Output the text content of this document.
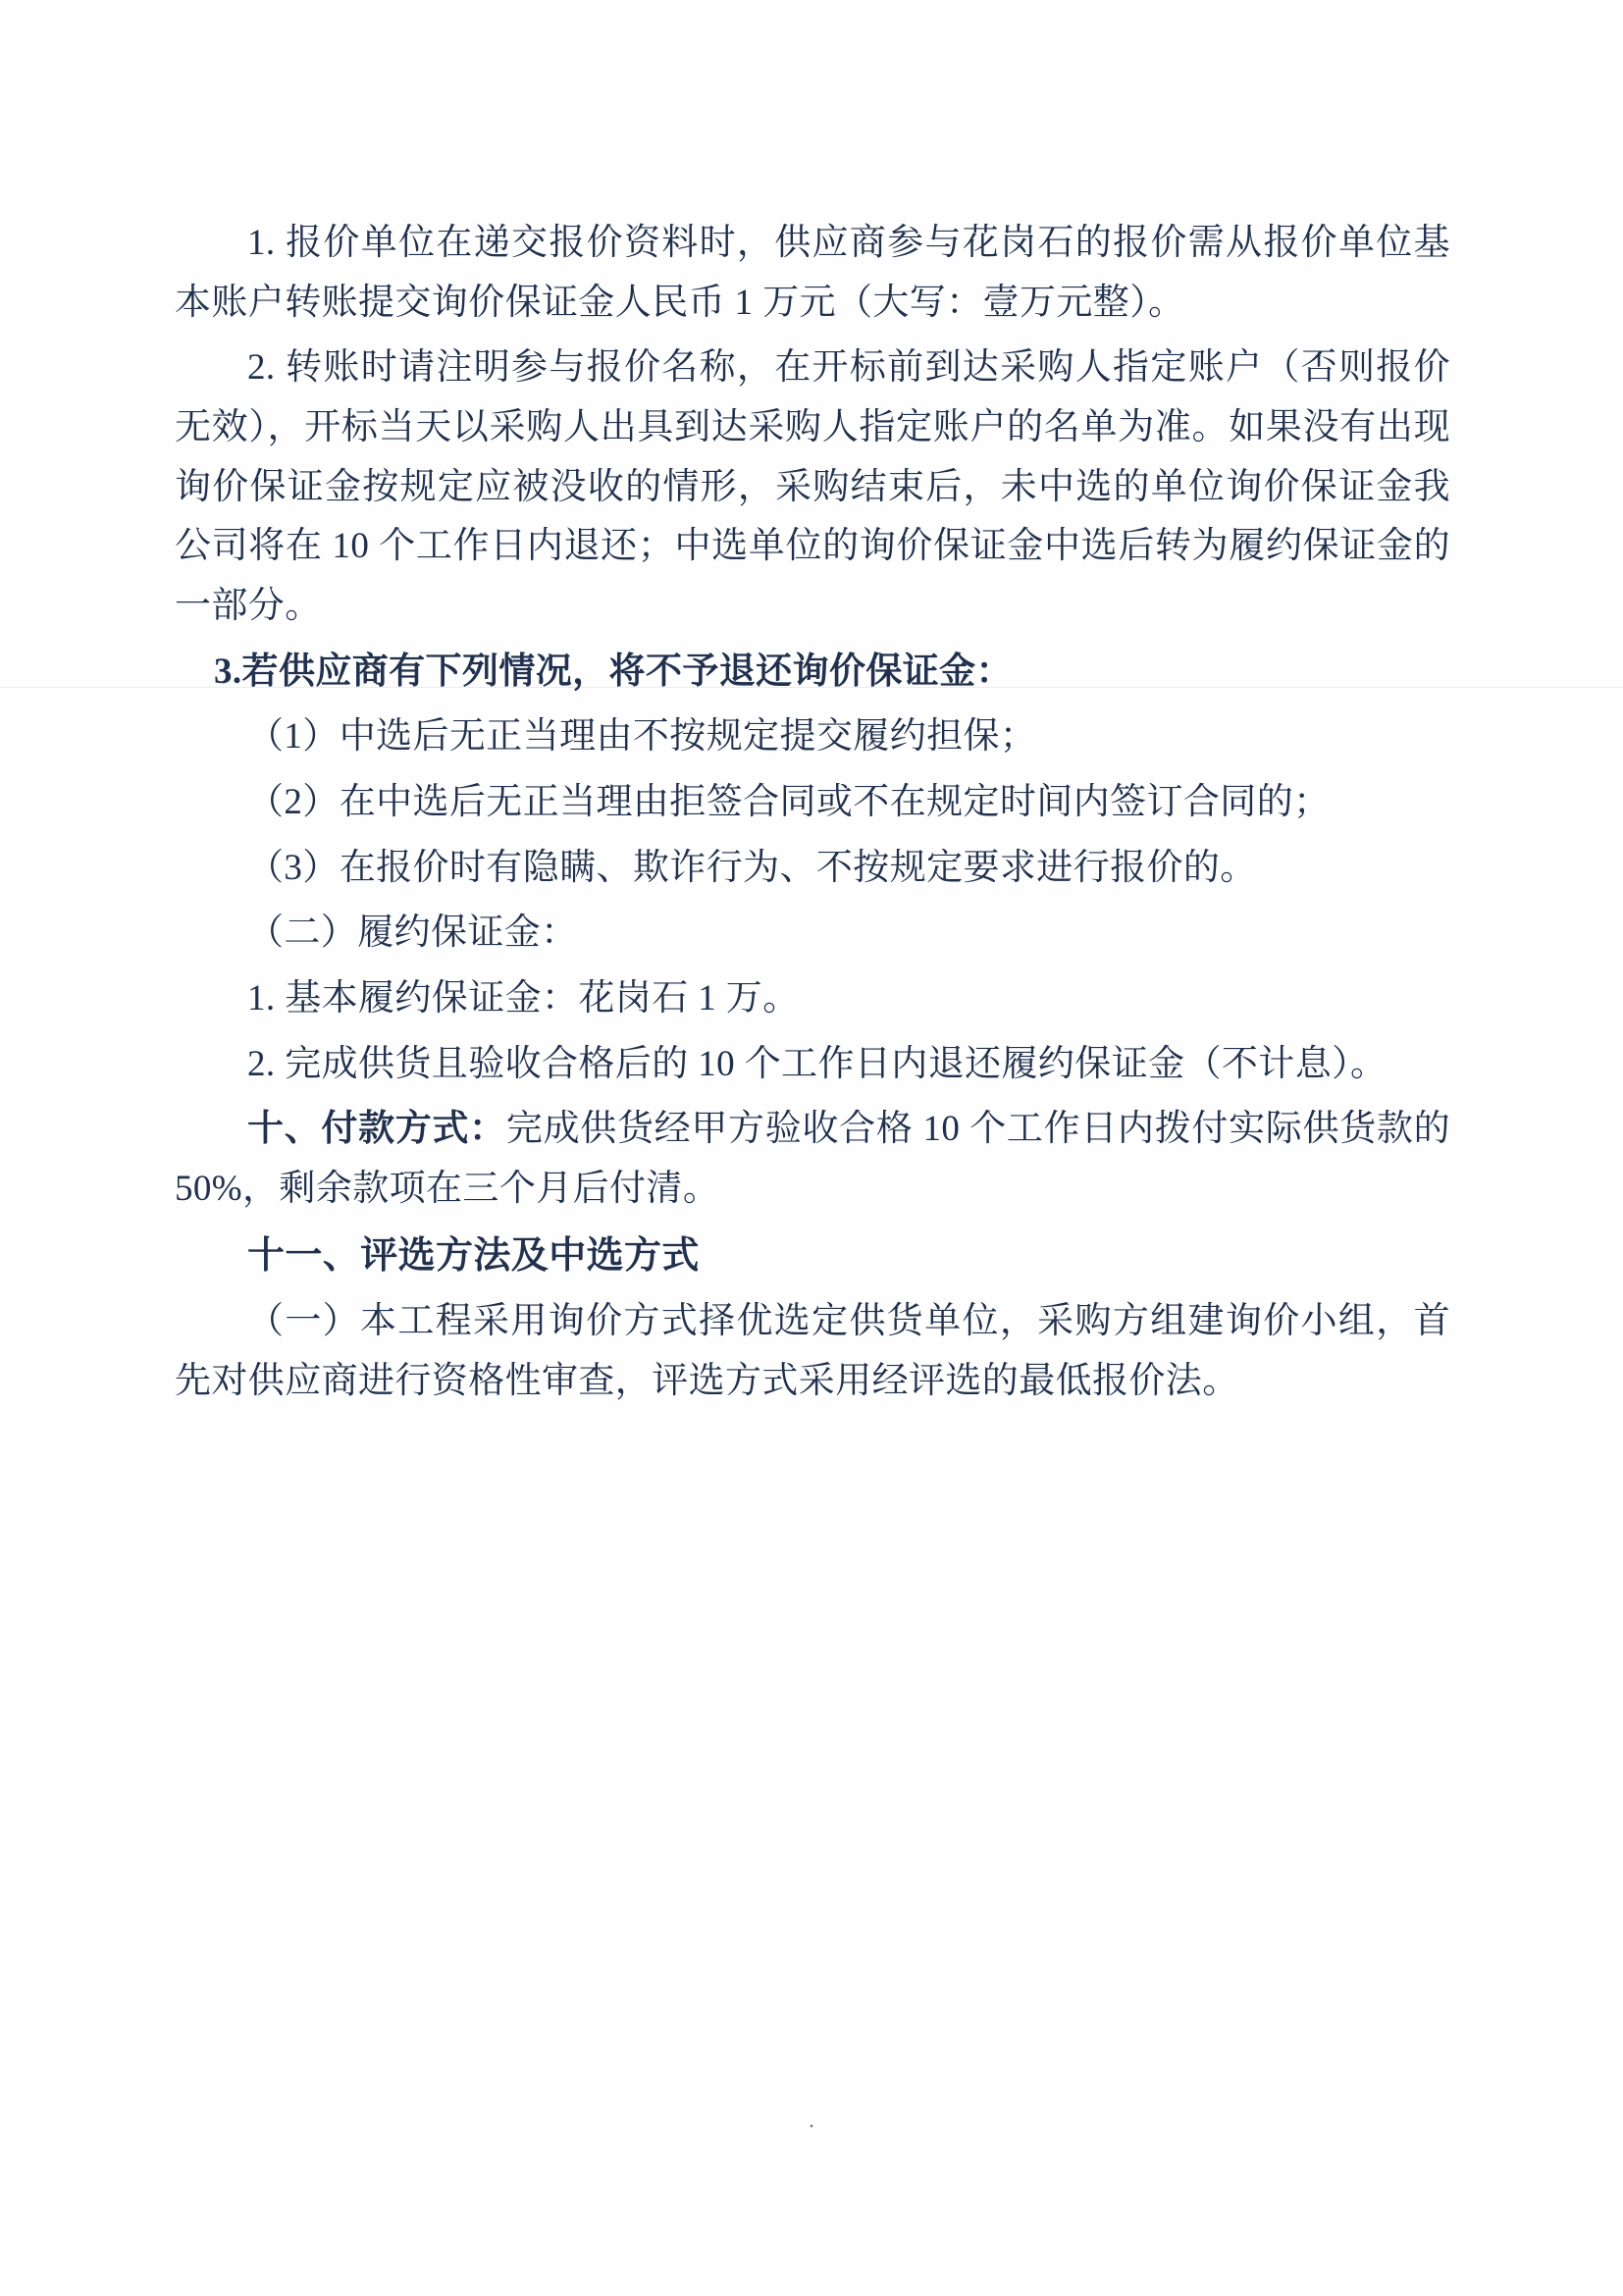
1. 报价单位在递交报价资料时，供应商参与花岗石的报价需从报价单位基本账户转账提交询价保证金人民币 1 万元（大写：壹万元整）。

2. 转账时请注明参与报价名称，在开标前到达采购人指定账户（否则报价无效），开标当天以采购人出具到达采购人指定账户的名单为准。如果没有出现询价保证金按规定应被没收的情形，采购结束后，未中选的单位询价保证金我公司将在 10 个工作日内退还；中选单位的询价保证金中选后转为履约保证金的一部分。

3.若供应商有下列情况，将不予退还询价保证金：

（1）中选后无正当理由不按规定提交履约担保；

（2）在中选后无正当理由拒签合同或不在规定时间内签订合同的；

（3）在报价时有隐瞒、欺诈行为、不按规定要求进行报价的。

（二）履约保证金：

1. 基本履约保证金：花岗石 1 万。

2. 完成供货且验收合格后的 10 个工作日内退还履约保证金（不计息）。

十、付款方式：完成供货经甲方验收合格 10 个工作日内拨付实际供货款的 50%，剩余款项在三个月后付清。

十一、评选方法及中选方式

（一）本工程采用询价方式择优选定供货单位，采购方组建询价小组，首先对供应商进行资格性审查，评选方式采用经评选的最低报价法。

.
